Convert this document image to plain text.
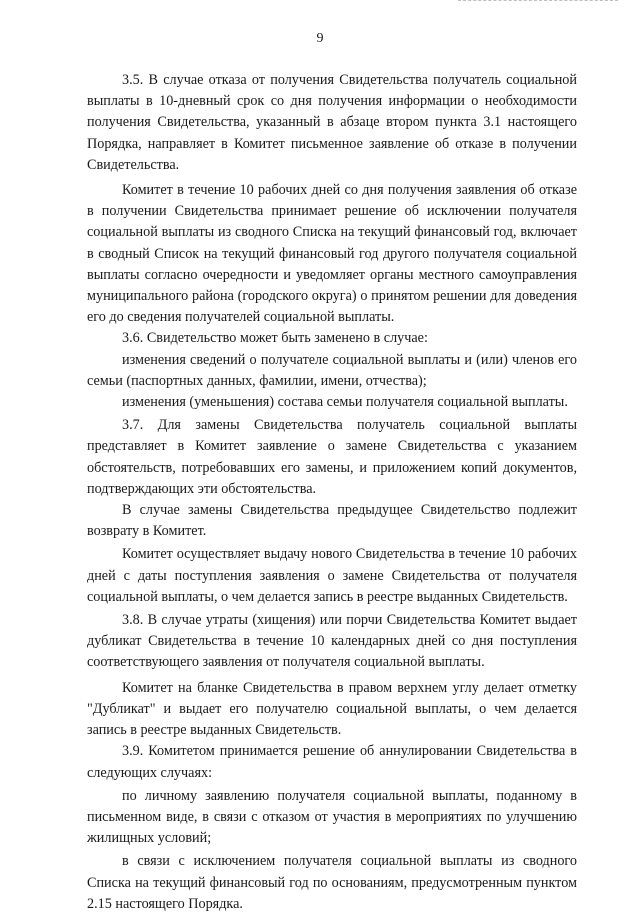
9

3.5. В случае отказа от получения Свидетельства получатель социальной выплаты в 10-дневный срок со дня получения информации о необходимости получения Свидетельства, указанный в абзаце втором пункта 3.1 настоящего Порядка, направляет в Комитет письменное заявление об отказе в получении Свидетельства.

Комитет в течение 10 рабочих дней со дня получения заявления об отказе в получении Свидетельства принимает решение об исключении получателя социальной выплаты из сводного Списка на текущий финансовый год, включает в сводный Список на текущий финансовый год другого получателя социальной выплаты согласно очередности и уведомляет органы местного самоуправления муниципального района (городского округа) о принятом решении для доведения его до сведения получателей социальной выплаты.

3.6. Свидетельство может быть заменено в случае:

изменения сведений о получателе социальной выплаты и (или) членов его семьи (паспортных данных, фамилии, имени, отчества);

изменения (уменьшения) состава семьи получателя социальной выплаты.

3.7. Для замены Свидетельства получатель социальной выплаты представляет в Комитет заявление о замене Свидетельства с указанием обстоятельств, потребовавших его замены, и приложением копий документов, подтверждающих эти обстоятельства.

В случае замены Свидетельства предыдущее Свидетельство подлежит возврату в Комитет.

Комитет осуществляет выдачу нового Свидетельства в течение 10 рабочих дней с даты поступления заявления о замене Свидетельства от получателя социальной выплаты, о чем делается запись в реестре выданных Свидетельств.

3.8. В случае утраты (хищения) или порчи Свидетельства Комитет выдает дубликат Свидетельства в течение 10 календарных дней со дня поступления соответствующего заявления от получателя социальной выплаты.

Комитет на бланке Свидетельства в правом верхнем углу делает отметку "Дубликат" и выдает его получателю социальной выплаты, о чем делается запись в реестре выданных Свидетельств.

3.9. Комитетом принимается решение об аннулировании Свидетельства в следующих случаях:

по личному заявлению получателя социальной выплаты, поданному в письменном виде, в связи с отказом от участия в мероприятиях по улучшению жилищных условий;

в связи с исключением получателя социальной выплаты из сводного Списка на текущий финансовый год по основаниям, предусмотренным пунктом 2.15 настоящего Порядка.
